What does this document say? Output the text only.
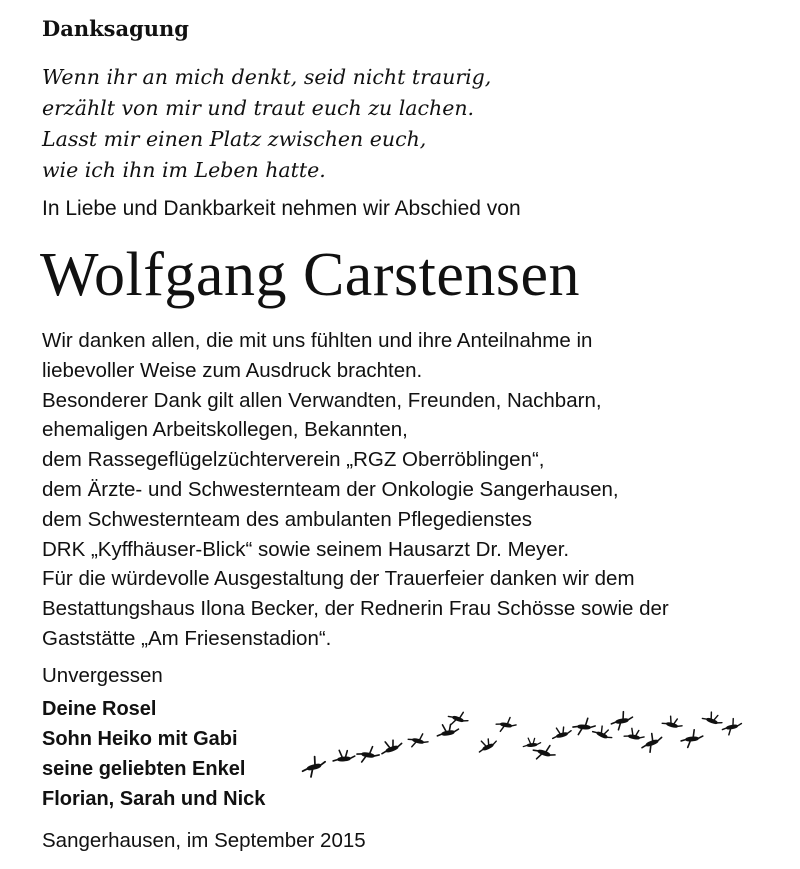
Danksagung
Wenn ihr an mich denkt, seid nicht traurig,
erzählt von mir und traut euch zu lachen.
Lasst mir einen Platz zwischen euch,
wie ich ihn im Leben hatte.
In Liebe und Dankbarkeit nehmen wir Abschied von
Wolfgang Carstensen
Wir danken allen, die mit uns fühlten und ihre Anteilnahme in
liebevoller Weise zum Ausdruck brachten.
Besonderer Dank gilt allen Verwandten, Freunden, Nachbarn,
ehemaligen Arbeitskollegen, Bekannten,
dem Rassegeflügelzüchterverein „RGZ Oberröblingen“,
dem Ärzte- und Schwesternteam der Onkologie Sangerhausen,
dem Schwesternteam des ambulanten Pflegedienstes
DRK „Kyffhäuser-Blick“ sowie seinem Hausarzt Dr. Meyer.
Für die würdevolle Ausgestaltung der Trauerfeier danken wir dem
Bestattungshaus Ilona Becker, der Rednerin Frau Schösse sowie der
Gaststätte „Am Friesenstadion“.
Unvergessen
Deine Rosel
Sohn Heiko mit Gabi
seine geliebten Enkel
Florian, Sarah und Nick
Sangerhausen, im September 2015
